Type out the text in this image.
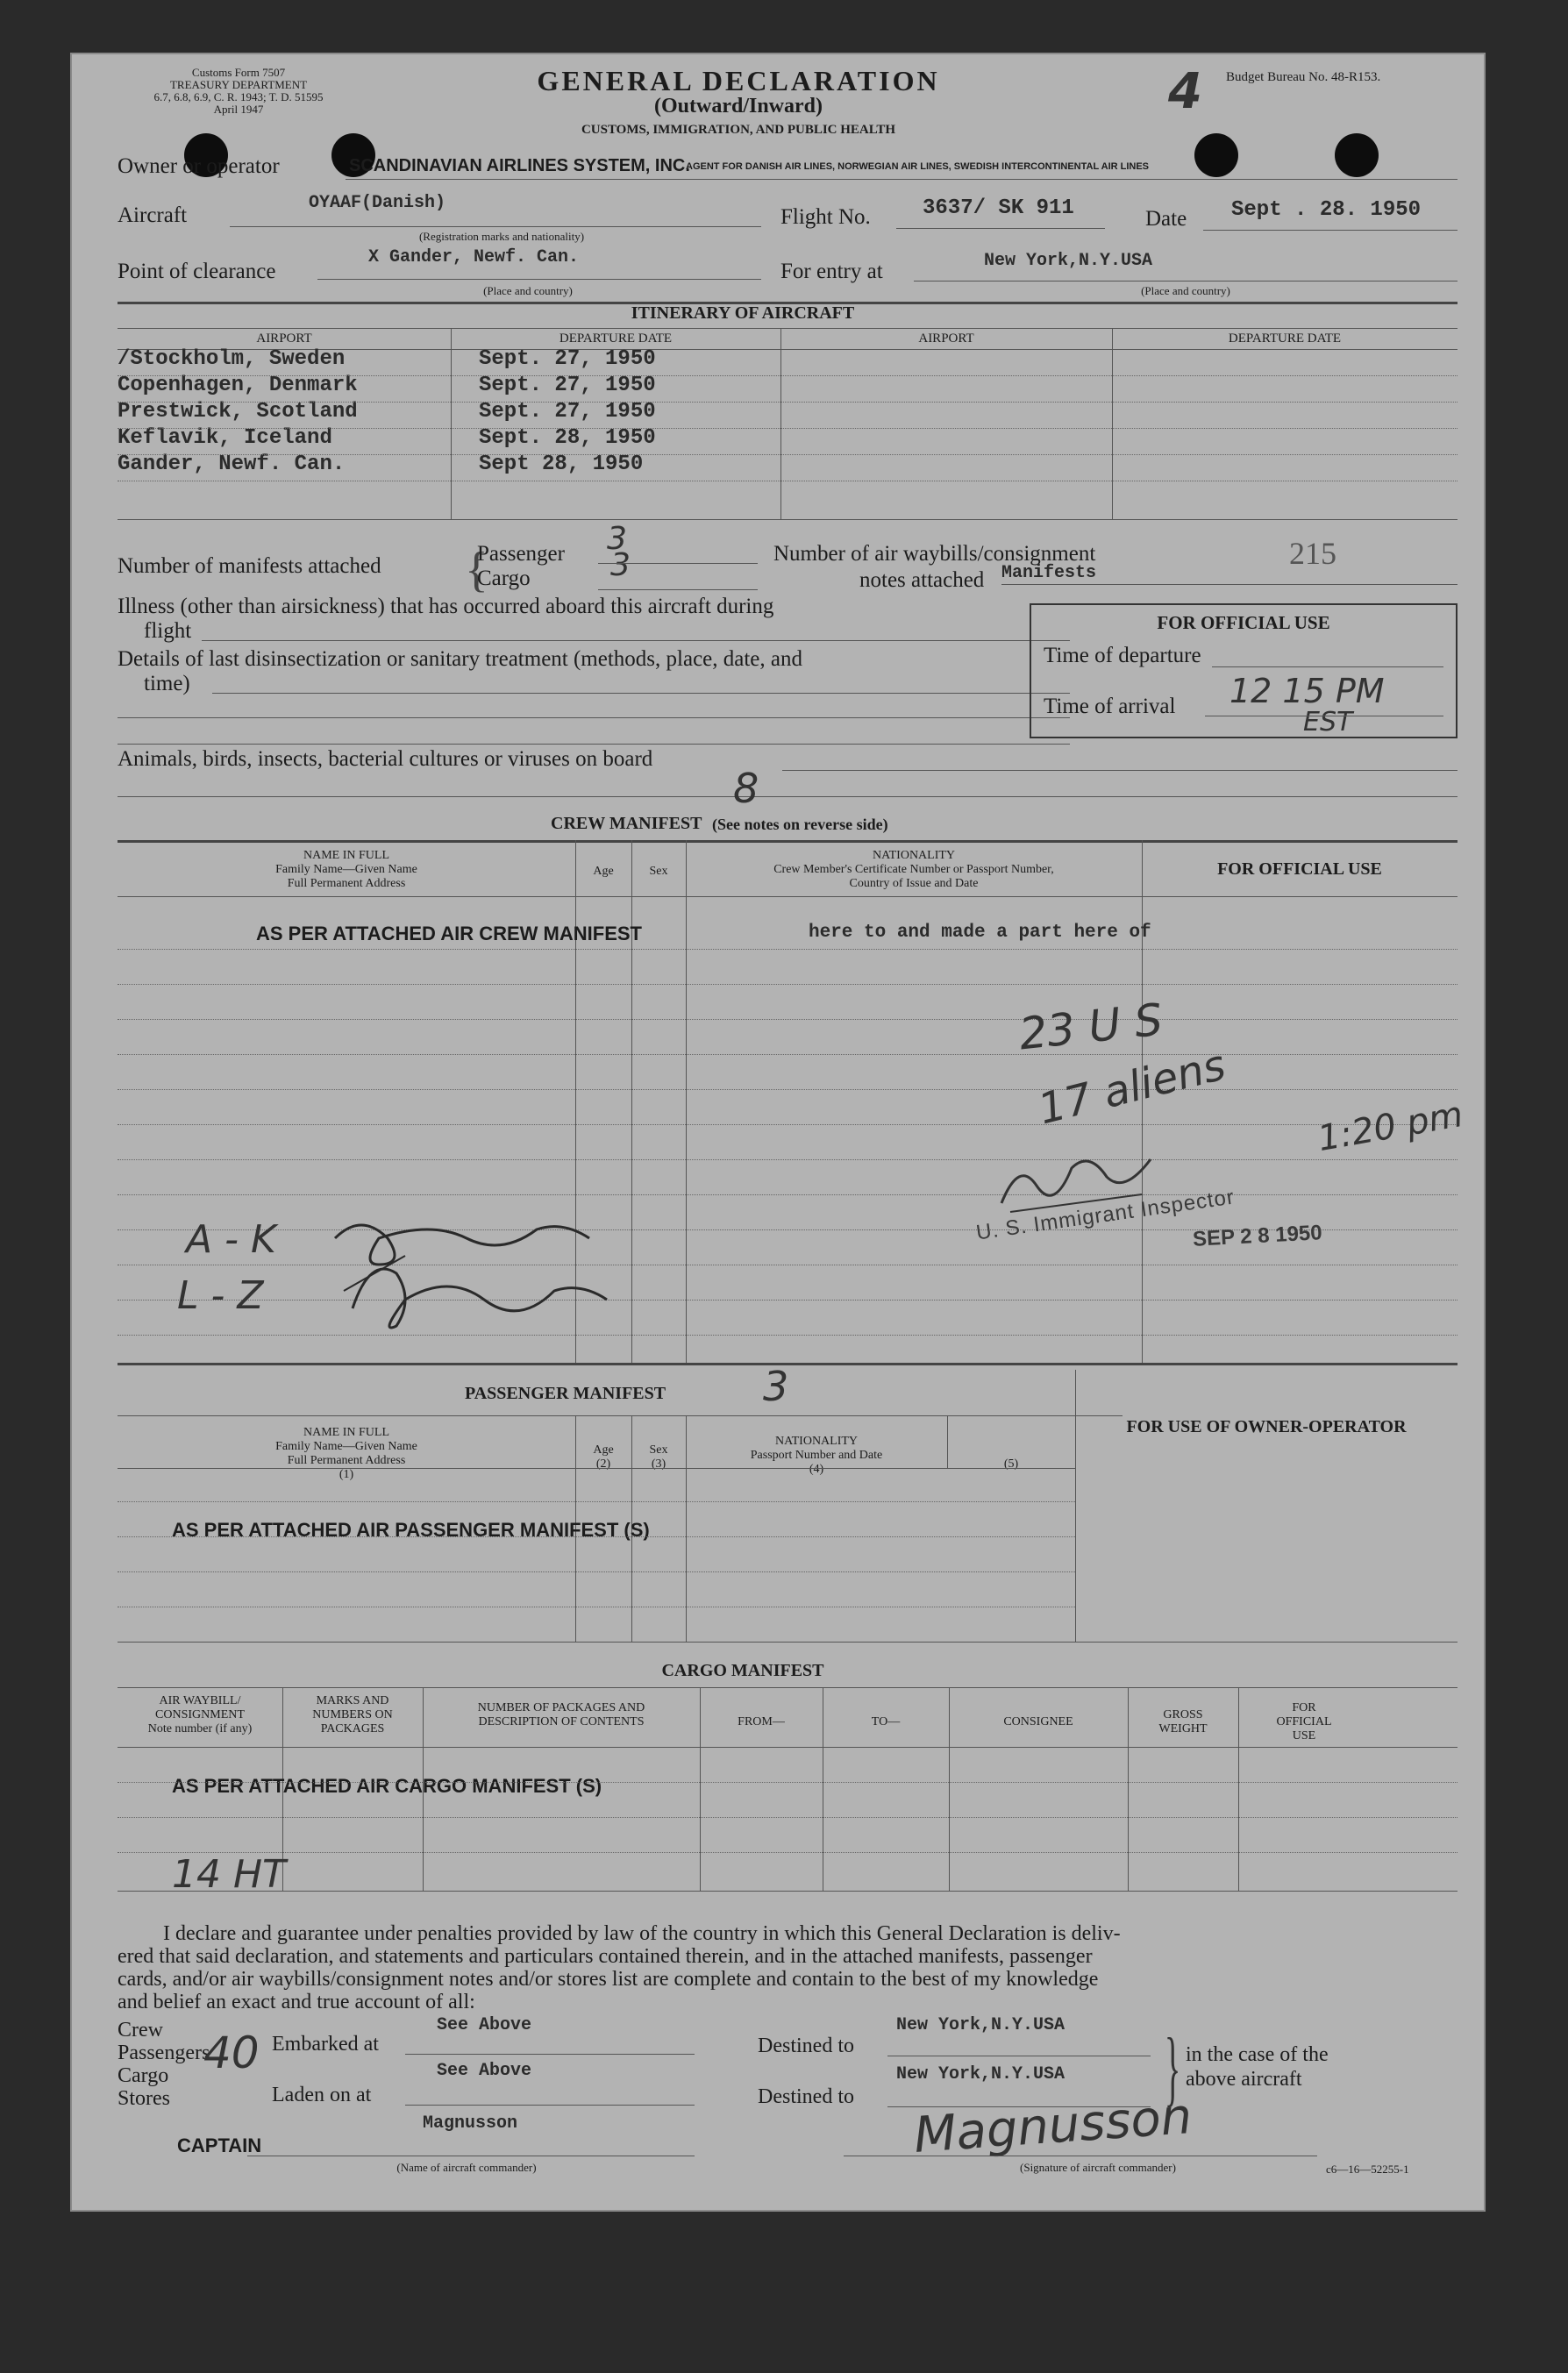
Customs Form 7507
TREASURY DEPARTMENT
6.7, 6.8, 6.9, C. R. 1943; T. D. 51595
April 1947
GENERAL DECLARATION
(Outward/Inward)
CUSTOMS, IMMIGRATION, AND PUBLIC HEALTH
Budget Bureau No. 48-R153.
4
Owner or operator	SCANDINAVIAN AIRLINES SYSTEM, INC.
AGENT FOR DANISH AIR LINES, NORWEGIAN AIR LINES, SWEDISH INTERCONTINENTAL AIR LINES
Aircraft
OYAAF(Danish)
(Registration marks and nationality)
Flight No. 3637/ SK 911	Date Sept . 28. 1950
Point of clearance
X Gander, Newf. Can.
(Place and country)
For entry at	New York,N.Y.USA
(Place and country)
ITINERARY OF AIRCRAFT
AIRPORT	DEPARTURE DATE	AIRPORT	DEPARTURE DATE
/Stockholm, Sweden	Sept. 27, 1950
Copenhagen, Denmark	Sept. 27, 1950
Prestwick, Scotland	Sept. 27, 1950
Keflavik, Iceland	Sept. 28, 1950
Gander, Newf. Can.	Sept 28, 1950
Number of manifests attached {
Passenger
Cargo
3
3	Number of air waybills/consignment
notes attached Manifests
215
Illness (other than airsickness) that has occurred aboard this aircraft during
flight
Details of last disinsectization or sanitary treatment (methods, place, date, and
time)
FOR OFFICIAL USE
Time of departure
Time of arrival 12 15 PM
EST
Animals, birds, insects, bacterial cultures or viruses on board
CREW MANIFEST (See notes on reverse side)
8
NAME IN FULL
Family Name—Given Name
Full Permanent Address
Age	Sex
NATIONALITY
Crew Member's Certificate Number or Passport Number,
Country of Issue and Date
FOR OFFICIAL USE
AS PER ATTACHED AIR CREW MANIFEST	here to and made a part here of
23 U S
17 aliens 1:20 pm
U. S. Immigrant Inspector
SEP 2 8 1950
A - K
L - Z
PASSENGER MANIFEST 3
NAME IN FULL
Family Name—Given Name
Full Permanent Address
(1)
Age
(2)
Sex
(3)
NATIONALITY
Passport Number and Date
(4)	(5)
FOR USE OF OWNER-OPERATOR
AS PER ATTACHED AIR PASSENGER MANIFEST (S)
CARGO MANIFEST
AIR WAYBILL/
CONSIGNMENT
Note number (if any)
MARKS AND
NUMBERS ON
PACKAGES
NUMBER OF PACKAGES AND
DESCRIPTION OF CONTENTS	FROM—	TO—	CONSIGNEE
GROSS
WEIGHT
FOR
OFFICIAL
USE
AS PER ATTACHED AIR CARGO MANIFEST (S)
14 HT
I declare and guarantee under penalties provided by law of the country in which this General Declaration is deliv-
ered that said declaration, and statements and particulars contained therein, and in the attached manifests, passenger
cards, and/or air waybills/consignment notes and/or stores list are complete and contain to the best of my knowledge
and belief an exact and true account of all:
Crew
Passengers
Cargo
Stores
40 Embarked at
See Above
See Above
Laden on at
Destined to
Destined to
New York,N.Y.USA
New York,N.Y.USA } in the case of the
above aircraft
CAPTAIN
Magnusson
(Name of aircraft commander)
Magnusson
(Signature of aircraft commander)	c6—16—52255-1
